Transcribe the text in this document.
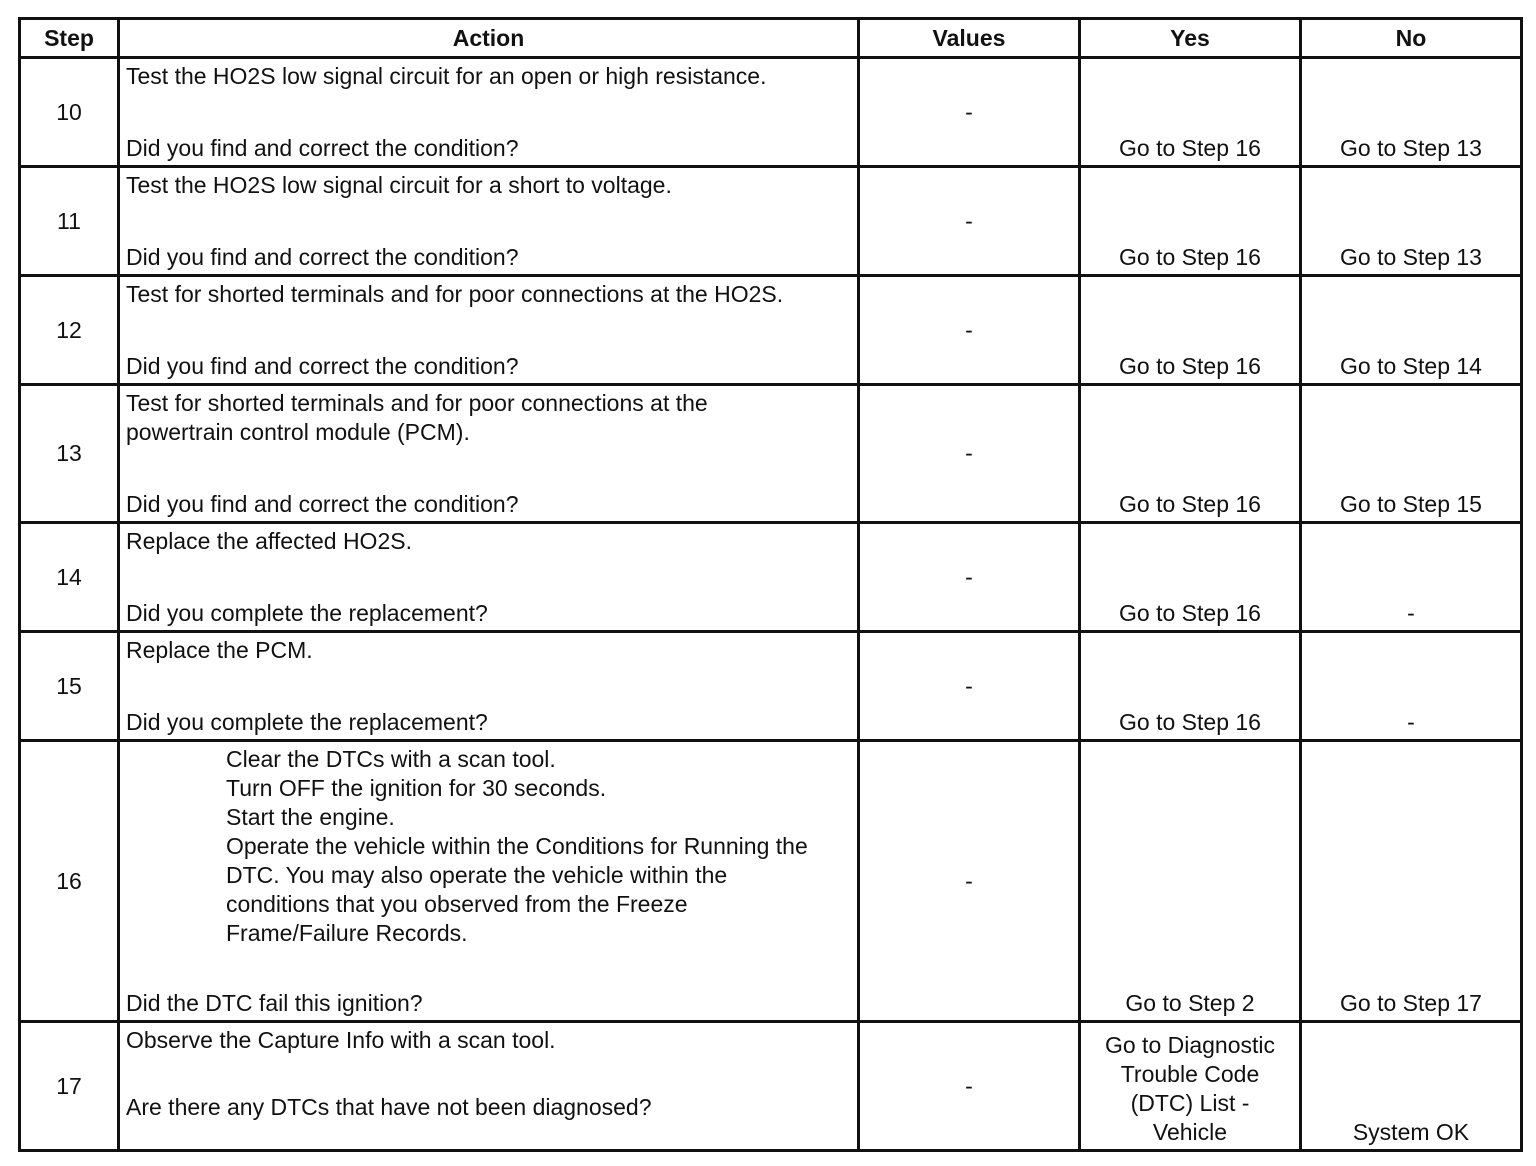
Step	Action	Values	Yes	No
10	Test the HO2S low signal circuit for an open or high resistance.
Did you find and correct the condition?	-	Go to Step 16	Go to Step 13
11	Test the HO2S low signal circuit for a short to voltage.
Did you find and correct the condition?	-	Go to Step 16	Go to Step 13
12	Test for shorted terminals and for poor connections at the HO2S.
Did you find and correct the condition?	-	Go to Step 16	Go to Step 14
13	Test for shorted terminals and for poor connections at the powertrain control module (PCM).
Did you find and correct the condition?	-	Go to Step 16	Go to Step 15
14	Replace the affected HO2S.
Did you complete the replacement?	-	Go to Step 16	-
15	Replace the PCM.
Did you complete the replacement?	-	Go to Step 16	-
16	Clear the DTCs with a scan tool.
Turn OFF the ignition for 30 seconds.
Start the engine.
Operate the vehicle within the Conditions for Running the DTC. You may also operate the vehicle within the conditions that you observed from the Freeze Frame/Failure Records.
Did the DTC fail this ignition?	-	Go to Step 2	Go to Step 17
17	Observe the Capture Info with a scan tool.
Are there any DTCs that have not been diagnosed?	-	Go to Diagnostic Trouble Code (DTC) List - Vehicle	System OK
